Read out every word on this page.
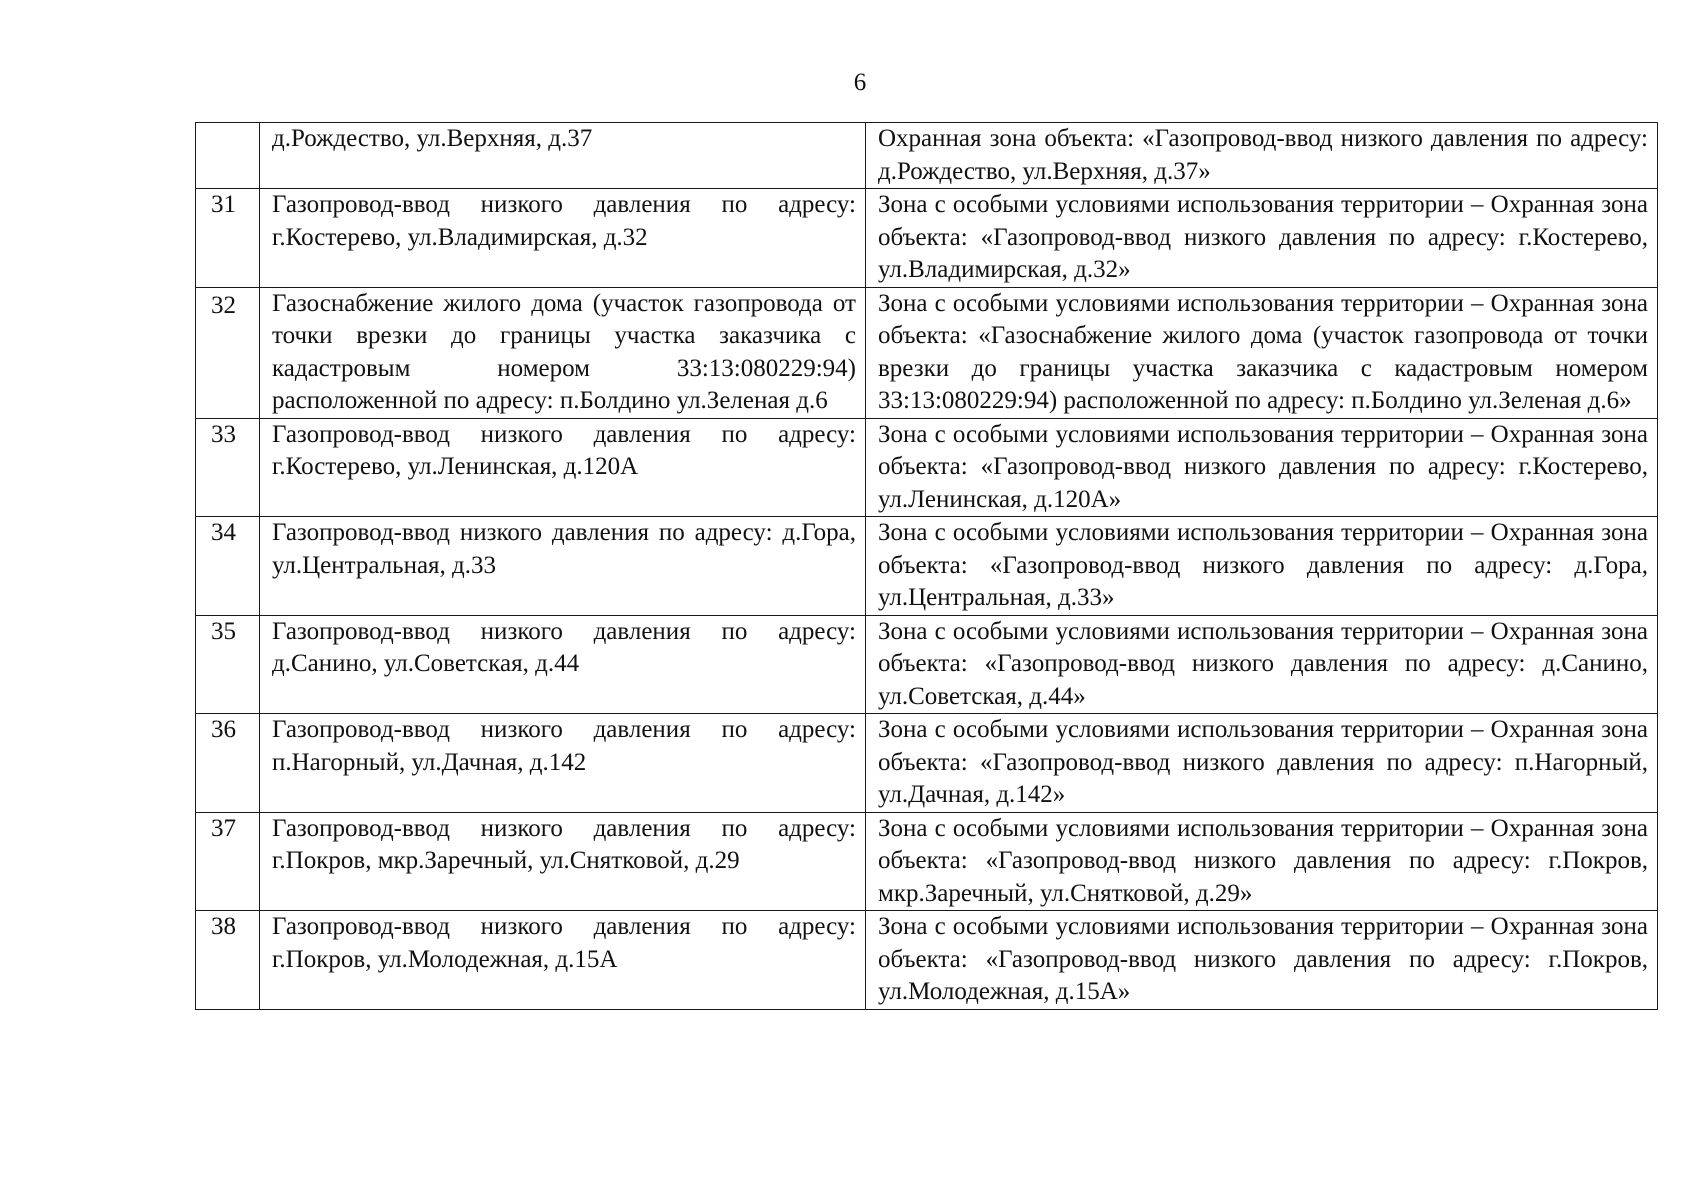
6
	д.Рождество, ул.Верхняя, д.37	Охранная зона объекта: «Газопровод-ввод низкого давления по адресу: д.Рождество, ул.Верхняя, д.37»
31	Газопровод-ввод низкого давления по адресу: г.Костерево, ул.Владимирская, д.32	Зона с особыми условиями использования территории – Охранная зона объекта: «Газопровод-ввод низкого давления по адресу: г.Костерево, ул.Владимирская, д.32»
32	Газоснабжение жилого дома (участок газопровода от точки врезки до границы участка заказчика с кадастровым номером 33:13:080229:94) расположенной по адресу: п.Болдино ул.Зеленая д.6	Зона с особыми условиями использования территории – Охранная зона объекта: «Газоснабжение жилого дома (участок газопровода от точки врезки до границы участка заказчика с кадастровым номером 33:13:080229:94) расположенной по адресу: п.Болдино ул.Зеленая д.6»
33	Газопровод-ввод низкого давления по адресу: г.Костерево, ул.Ленинская, д.120А	Зона с особыми условиями использования территории – Охранная зона объекта: «Газопровод-ввод низкого давления по адресу: г.Костерево, ул.Ленинская, д.120А»
34	Газопровод-ввод низкого давления по адресу: д.Гора, ул.Центральная, д.33	Зона с особыми условиями использования территории – Охранная зона объекта: «Газопровод-ввод низкого давления по адресу: д.Гора, ул.Центральная, д.33»
35	Газопровод-ввод низкого давления по адресу: д.Санино, ул.Советская, д.44	Зона с особыми условиями использования территории – Охранная зона объекта: «Газопровод-ввод низкого давления по адресу: д.Санино, ул.Советская, д.44»
36	Газопровод-ввод низкого давления по адресу: п.Нагорный, ул.Дачная, д.142	Зона с особыми условиями использования территории – Охранная зона объекта: «Газопровод-ввод низкого давления по адресу: п.Нагорный, ул.Дачная, д.142»
37	Газопровод-ввод низкого давления по адресу: г.Покров, мкр.Заречный, ул.Снятковой, д.29	Зона с особыми условиями использования территории – Охранная зона объекта: «Газопровод-ввод низкого давления по адресу: г.Покров, мкр.Заречный, ул.Снятковой, д.29»
38	Газопровод-ввод низкого давления по адресу: г.Покров, ул.Молодежная, д.15А	Зона с особыми условиями использования территории – Охранная зона объекта: «Газопровод-ввод низкого давления по адресу: г.Покров, ул.Молодежная, д.15А»
